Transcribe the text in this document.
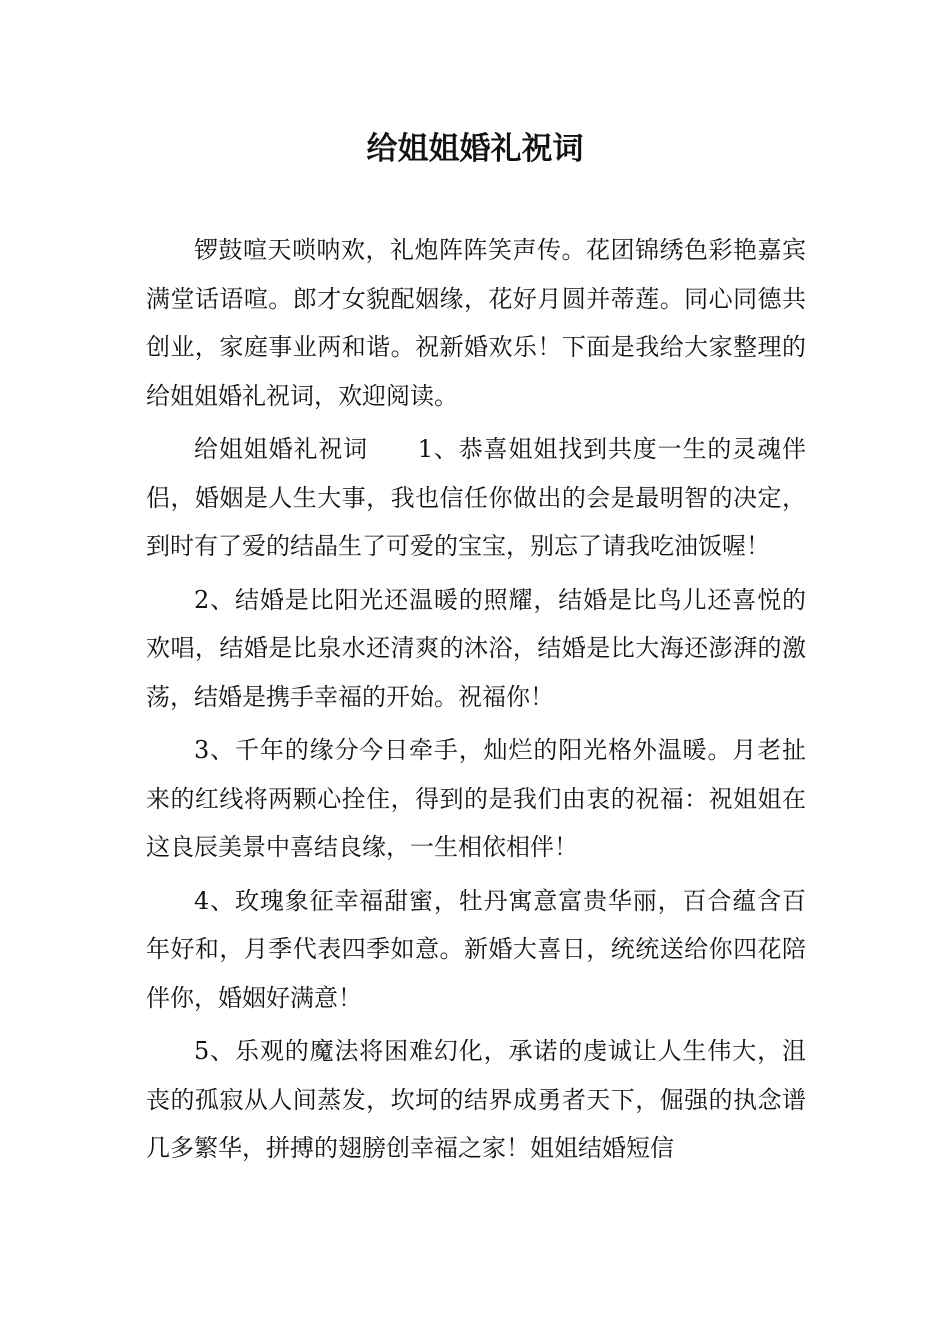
给姐姐婚礼祝词

锣鼓喧天唢呐欢，礼炮阵阵笑声传。花团锦绣色彩艳嘉宾满堂话语喧。郎才女貌配姻缘，花好月圆并蒂莲。同心同德共创业，家庭事业两和谐。祝新婚欢乐！下面是我给大家整理的 给姐姐婚礼祝词，欢迎阅读。

给姐姐婚礼祝词　　1、恭喜姐姐找到共度一生的灵魂伴侣，婚姻是人生大事，我也信任你做出的会是最明智的决定，到时有了爱的结晶生了可爱的宝宝，别忘了请我吃油饭喔！

2、结婚是比阳光还温暖的照耀，结婚是比鸟儿还喜悦的欢唱，结婚是比泉水还清爽的沐浴，结婚是比大海还澎湃的激荡，结婚是携手幸福的开始。祝福你！

3、千年的缘分今日牵手，灿烂的阳光格外温暖。月老扯来的红线将两颗心拴住，得到的是我们由衷的祝福：祝姐姐在这良辰美景中喜结良缘，一生相依相伴！

4、玫瑰象征幸福甜蜜，牡丹寓意富贵华丽，百合蕴含百年好和，月季代表四季如意。新婚大喜日，统统送给你四花陪伴你，婚姻好满意！

5、乐观的魔法将困难幻化，承诺的虔诚让人生伟大，沮丧的孤寂从人间蒸发，坎坷的结界成勇者天下，倔强的执念谱几多繁华，拼搏的翅膀创幸福之家！姐姐结婚短信
